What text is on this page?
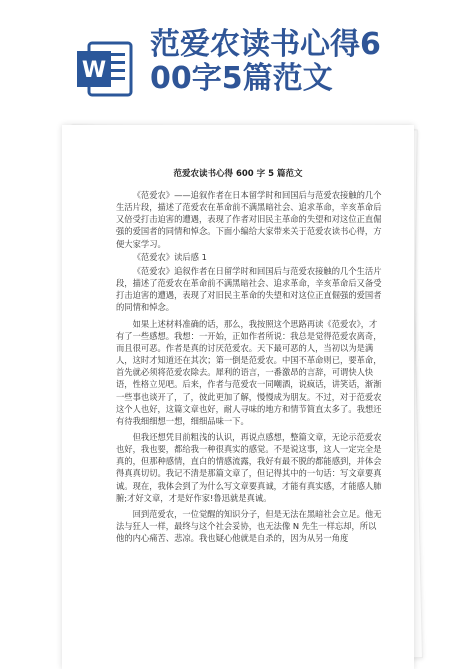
W
范爱农读书心得6
00字5篇范文
范爱农读书心得 600 字 5 篇范文

《范爱农》——追叙作者在日本留学时和回国后与范爱农接触的几个生活片段，描述了范爱农在革命前不满黑暗社会、追求革命，辛亥革命后又倍受打击迫害的遭遇，表现了作者对旧民主革命的失望和对这位正直倔强的爱国者的同情和悼念。下面小编给大家带来关于范爱农读书心得，方便大家学习。

《范爱农》读后感 1

《范爱农》追叙作者在日留学时和回国后与范爱农接触的几个生活片段，描述了范爱农在革命前不满黑暗社会、追求革命，辛亥革命后又备受打击迫害的遭遇，表现了对旧民主革命的失望和对这位正直倔强的爱国者的同情和悼念。

如果上述材料准确的话，那么，我按照这个思路再读《范爱农》，才有了一些感想。我想：一开始，正如作者所说：我总是觉得范爱农离奇，而且很可恶。作者是真的讨厌范爱农。天下最可恶的人，当初以为是满人，这时才知道还在其次；第一倒是范爱农。中国不革命则已，要革命，首先就必须将范爱农除去。犀利的语言，一番激昂的言辞，可谓快人快语，性格立见吧。后来，作者与范爱农一同嘲酒，说疯话，讲笑话，渐渐一些事也谈开了，了，彼此更加了解，慢慢成为朋友。不过，对于范爱农这个人也好，这篇文章也好，耐人寻味的地方和情节简直太多了。我想还有待我细细想一想，细细品味一下。

但我还想凭目前粗浅的认识，再说点感想，整篇文章，无论示范爱农也好，我也要，都给我一种很真实的感觉。不是说这事，这人一定完全是真的，但那种感情，直白的情感流露，我好有最不脱的都能感到，并体会得真真切切。我记不清是那篇文章了，但记得其中的一句话：写文章要真诚。现在，我体会到了为什么写文章要真诚，才能有真实感，才能感人肺腑;才好文章，才是好作家!鲁迅就是真诚。

回到范爱农，一位觉醒的知识分子，但是无法在黑暗社会立足。他无法与狂人一样，最终与这个社会妥协，也无法像 N 先生一样忘却，所以他的内心痛苦、悲凉。我也疑心他就是自杀的，因为从另一角度
